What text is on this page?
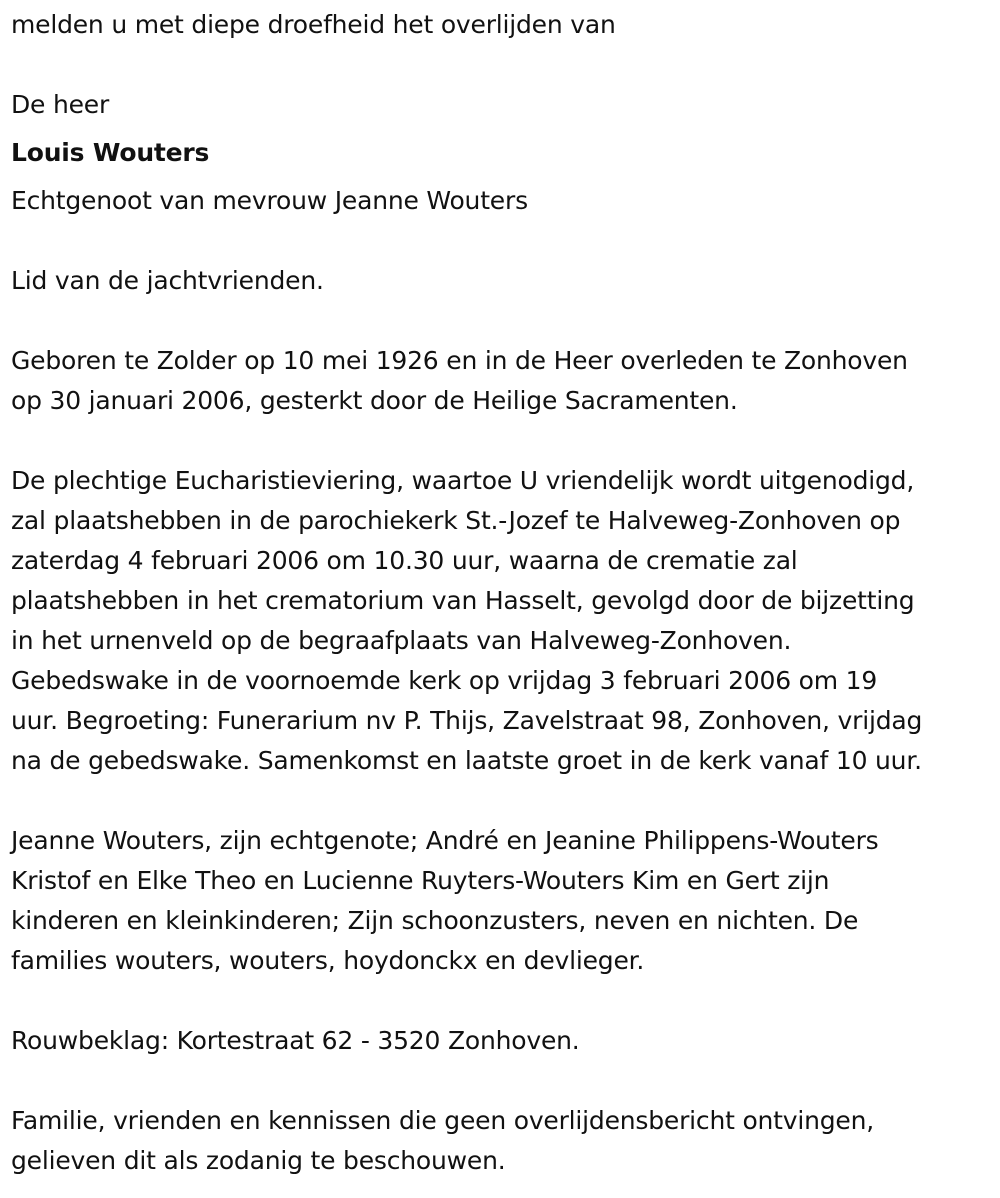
melden u met diepe droefheid het overlijden van
De heer
Louis Wouters
Echtgenoot van mevrouw Jeanne Wouters
Lid van de jachtvrienden.
Geboren te Zolder op 10 mei 1926 en in de Heer overleden te Zonhoven
op 30 januari 2006, gesterkt door de Heilige Sacramenten.
De plechtige Eucharistieviering, waartoe U vriendelijk wordt uitgenodigd,
zal plaatshebben in de parochiekerk St.-Jozef te Halveweg-Zonhoven op
zaterdag 4 februari 2006 om 10.30 uur, waarna de crematie zal
plaatshebben in het crematorium van Hasselt, gevolgd door de bijzetting
in het urnenveld op de begraafplaats van Halveweg-Zonhoven.
Gebedswake in de voornoemde kerk op vrijdag 3 februari 2006 om 19
uur. Begroeting: Funerarium nv P. Thijs, Zavelstraat 98, Zonhoven, vrijdag
na de gebedswake. Samenkomst en laatste groet in de kerk vanaf 10 uur.
Jeanne Wouters, zijn echtgenote; André en Jeanine Philippens-Wouters
Kristof en Elke Theo en Lucienne Ruyters-Wouters Kim en Gert zijn
kinderen en kleinkinderen; Zijn schoonzusters, neven en nichten. De
families wouters, wouters, hoydonckx en devlieger.
Rouwbeklag: Kortestraat 62 - 3520 Zonhoven.
Familie, vrienden en kennissen die geen overlijdensbericht ontvingen,
gelieven dit als zodanig te beschouwen.
